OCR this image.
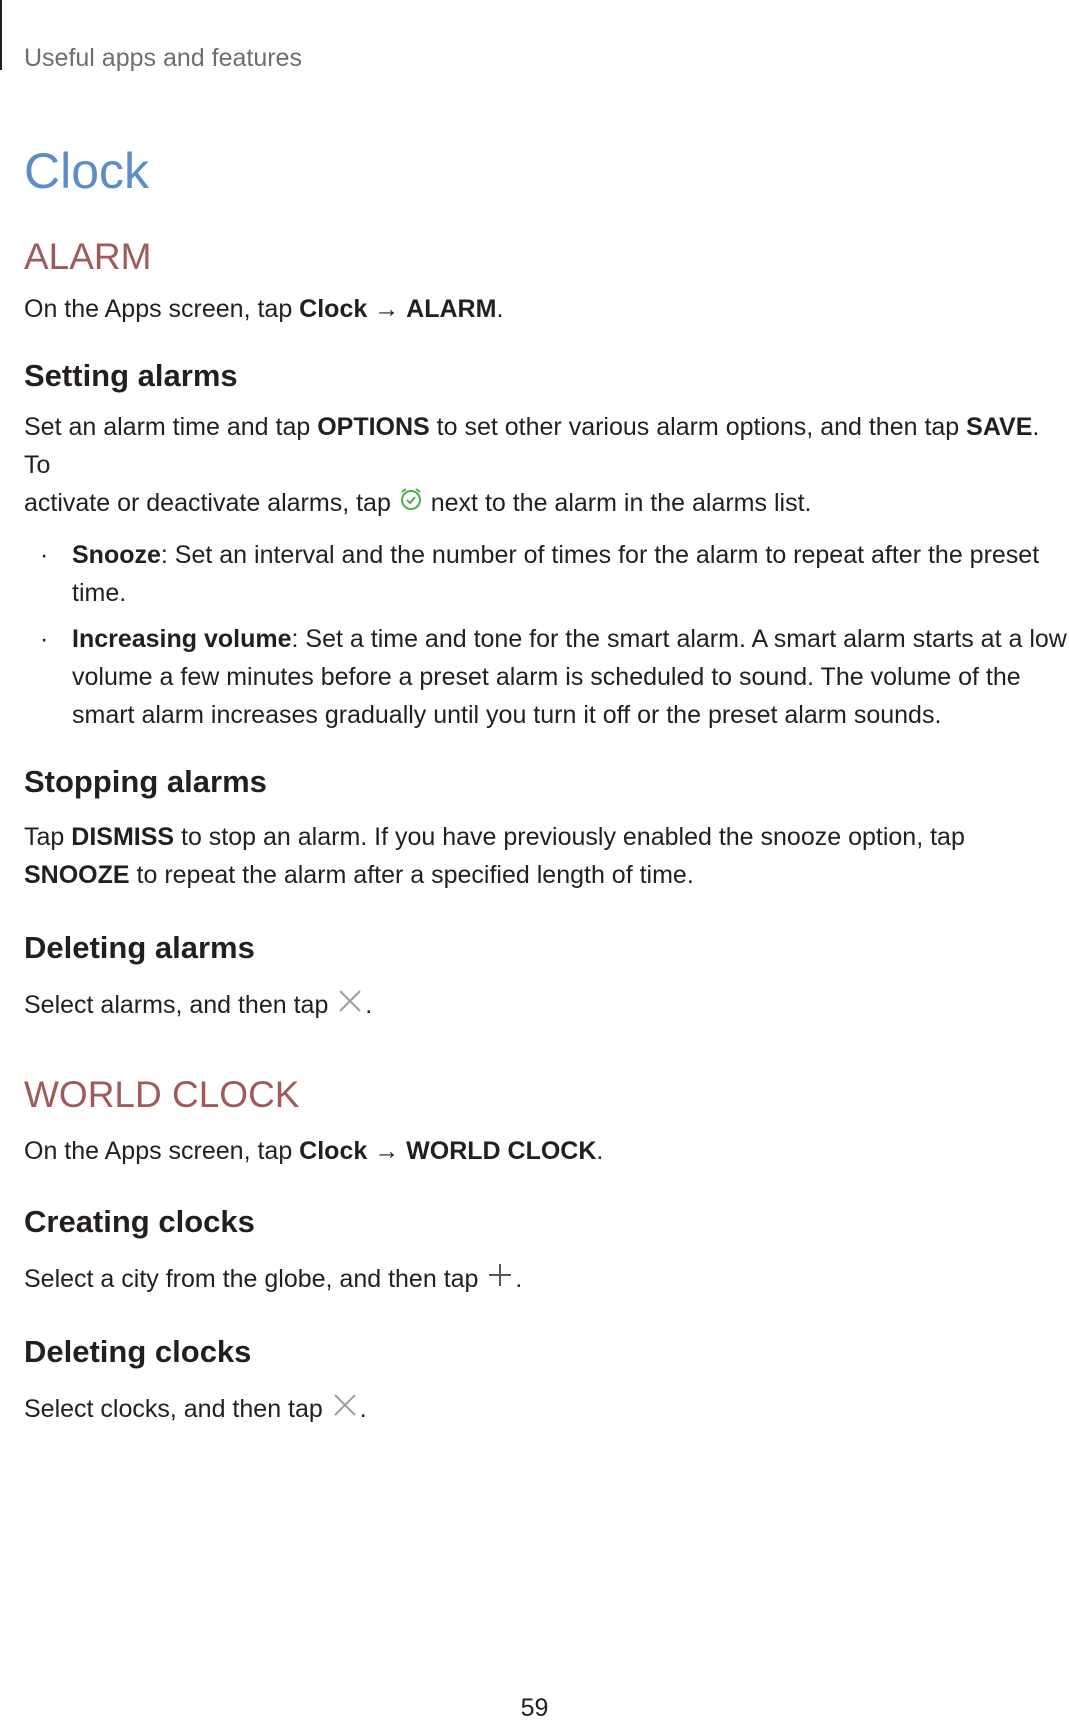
Useful apps and features
Clock
ALARM
On the Apps screen, tap Clock → ALARM.
Setting alarms
Set an alarm time and tap OPTIONS to set other various alarm options, and then tap SAVE. To
activate or deactivate alarms, tap  next to the alarm in the alarms list.
· Snooze: Set an interval and the number of times for the alarm to repeat after the preset
time.
· Increasing volume: Set a time and tone for the smart alarm. A smart alarm starts at a low
volume a few minutes before a preset alarm is scheduled to sound. The volume of the
smart alarm increases gradually until you turn it off or the preset alarm sounds.
Stopping alarms
Tap DISMISS to stop an alarm. If you have previously enabled the snooze option, tap
SNOOZE to repeat the alarm after a specified length of time.
Deleting alarms
Select alarms, and then tap .
WORLD CLOCK
On the Apps screen, tap Clock → WORLD CLOCK.
Creating clocks
Select a city from the globe, and then tap .
Deleting clocks
Select clocks, and then tap .
59
